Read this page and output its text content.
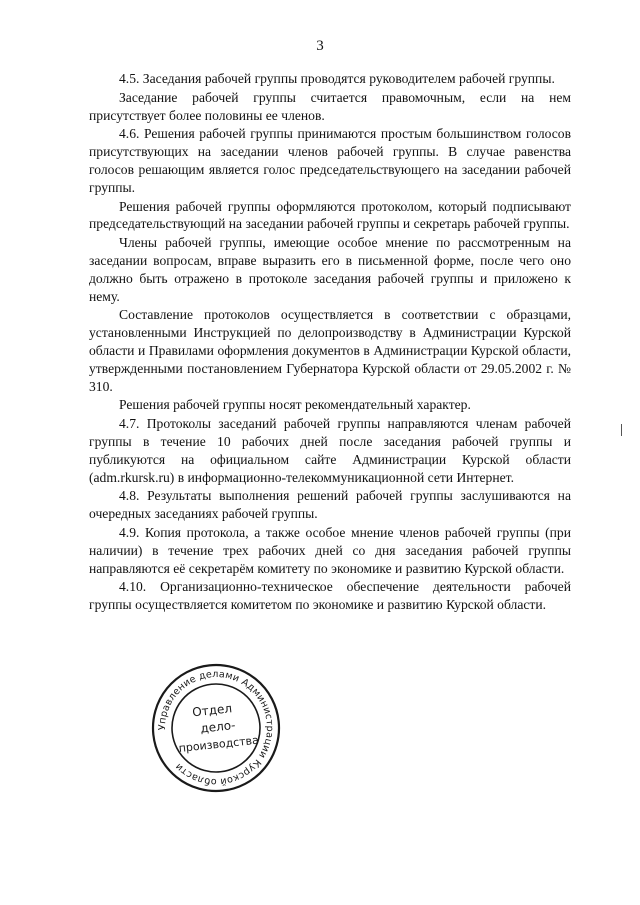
3

4.5. Заседания рабочей группы проводятся руководителем рабочей группы.

Заседание рабочей группы считается правомочным, если на нем присутствует более половины ее членов.

4.6. Решения рабочей группы принимаются простым большинством голосов присутствующих на заседании членов рабочей группы. В случае равенства голосов решающим является голос председательствующего на заседании рабочей группы.

Решения рабочей группы оформляются протоколом, который подписывают председательствующий на заседании рабочей группы и секретарь рабочей группы.

Члены рабочей группы, имеющие особое мнение по рассмотренным на заседании вопросам, вправе выразить его в письменной форме, после чего оно должно быть отражено в протоколе заседания рабочей группы и приложено к нему.

Составление протоколов осуществляется в соответствии с образцами, установленными Инструкцией по делопроизводству в Администрации Курской области и Правилами оформления документов в Администрации Курской области, утвержденными постановлением Губернатора Курской области от 29.05.2002 г. № 310.

Решения рабочей группы носят рекомендательный характер.

4.7. Протоколы заседаний рабочей группы направляются членам рабочей группы в течение 10 рабочих дней после заседания рабочей группы и публикуются на официальном сайте Администрации Курской области (adm.rkursk.ru) в информационно-телекоммуникационной сети Интернет.

4.8. Результаты выполнения решений рабочей группы заслушиваются на очередных заседаниях рабочей группы.

4.9. Копия протокола, а также особое мнение членов рабочей группы (при наличии) в течение трех рабочих дней со дня заседания рабочей группы направляются её секретарём комитету по экономике и развитию Курской области.

4.10. Организационно-техническое обеспечение деятельности рабочей группы осуществляется комитетом по экономике и развитию Курской области.

Управление делами Администрации Курской области
Отдел
дело-
производства
